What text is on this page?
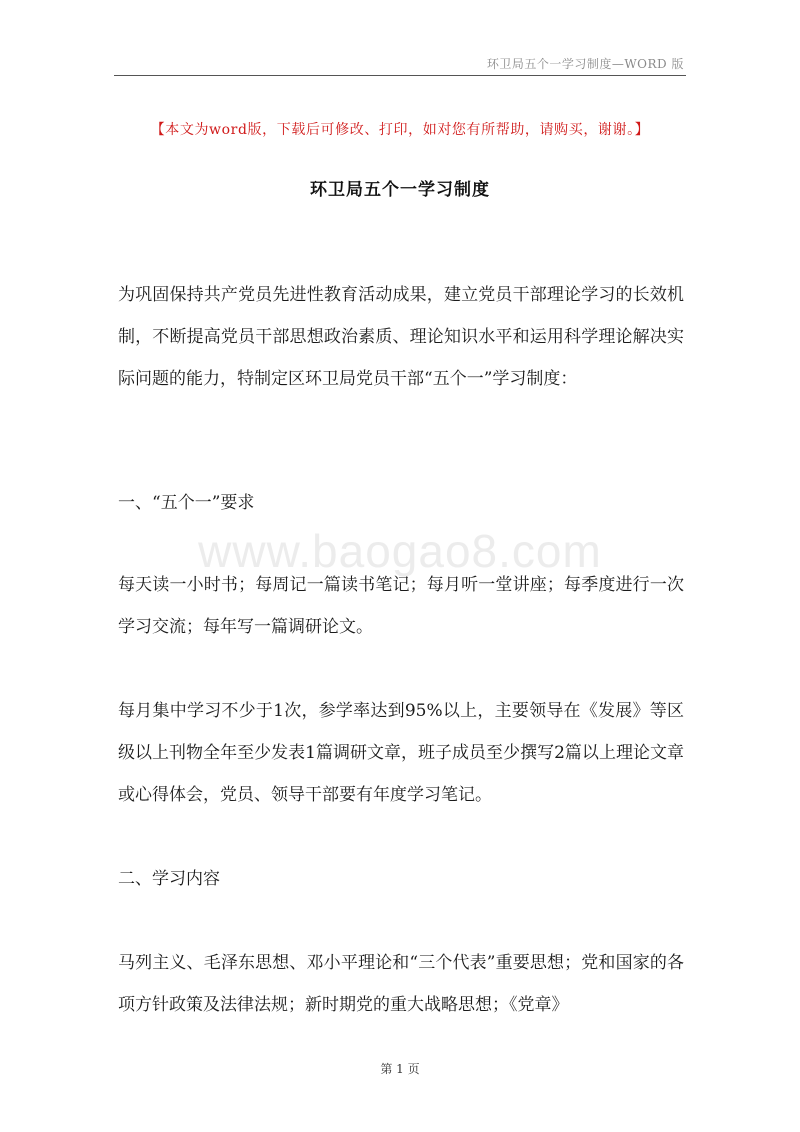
环卫局五个一学习制度—WORD 版
【本文为word版，下载后可修改、打印，如对您有所帮助，请购买，谢谢。】
环卫局五个一学习制度
为巩固保持共产党员先进性教育活动成果，建立党员干部理论学习的长效机制，不断提高党员干部思想政治素质、理论知识水平和运用科学理论解决实际问题的能力，特制定区环卫局党员干部“五个一”学习制度：
一、“五个一”要求
www.baogao8.com
每天读一小时书；每周记一篇读书笔记；每月听一堂讲座；每季度进行一次学习交流；每年写一篇调研论文。
每月集中学习不少于1次，参学率达到95%以上，主要领导在《发展》等区级以上刊物全年至少发表1篇调研文章，班子成员至少撰写2篇以上理论文章或心得体会，党员、领导干部要有年度学习笔记。
二、学习内容
马列主义、毛泽东思想、邓小平理论和“三个代表”重要思想；党和国家的各项方针政策及法律法规；新时期党的重大战略思想；《党章》
第 1 页
